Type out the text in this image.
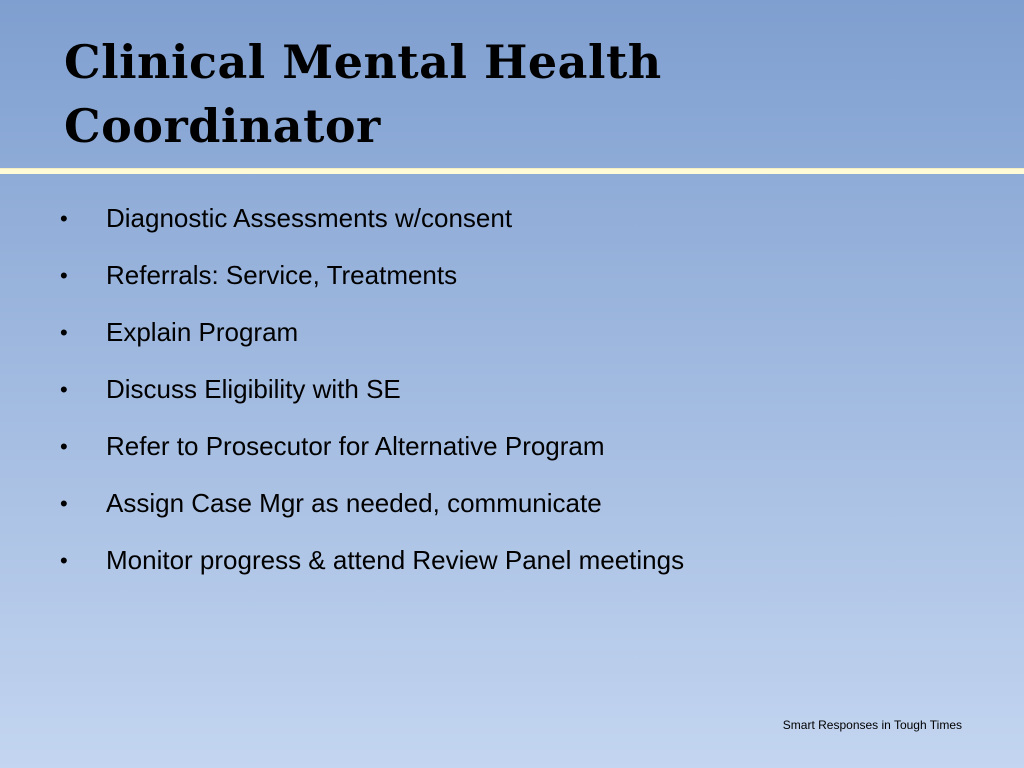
Clinical Mental Health
Coordinator
•	Diagnostic Assessments w/consent
•	Referrals: Service, Treatments
•	Explain Program
•	Discuss Eligibility with SE
•	Refer to Prosecutor for Alternative Program
•	Assign Case Mgr as needed, communicate
•	Monitor progress & attend Review Panel meetings
Smart Responses in Tough Times
